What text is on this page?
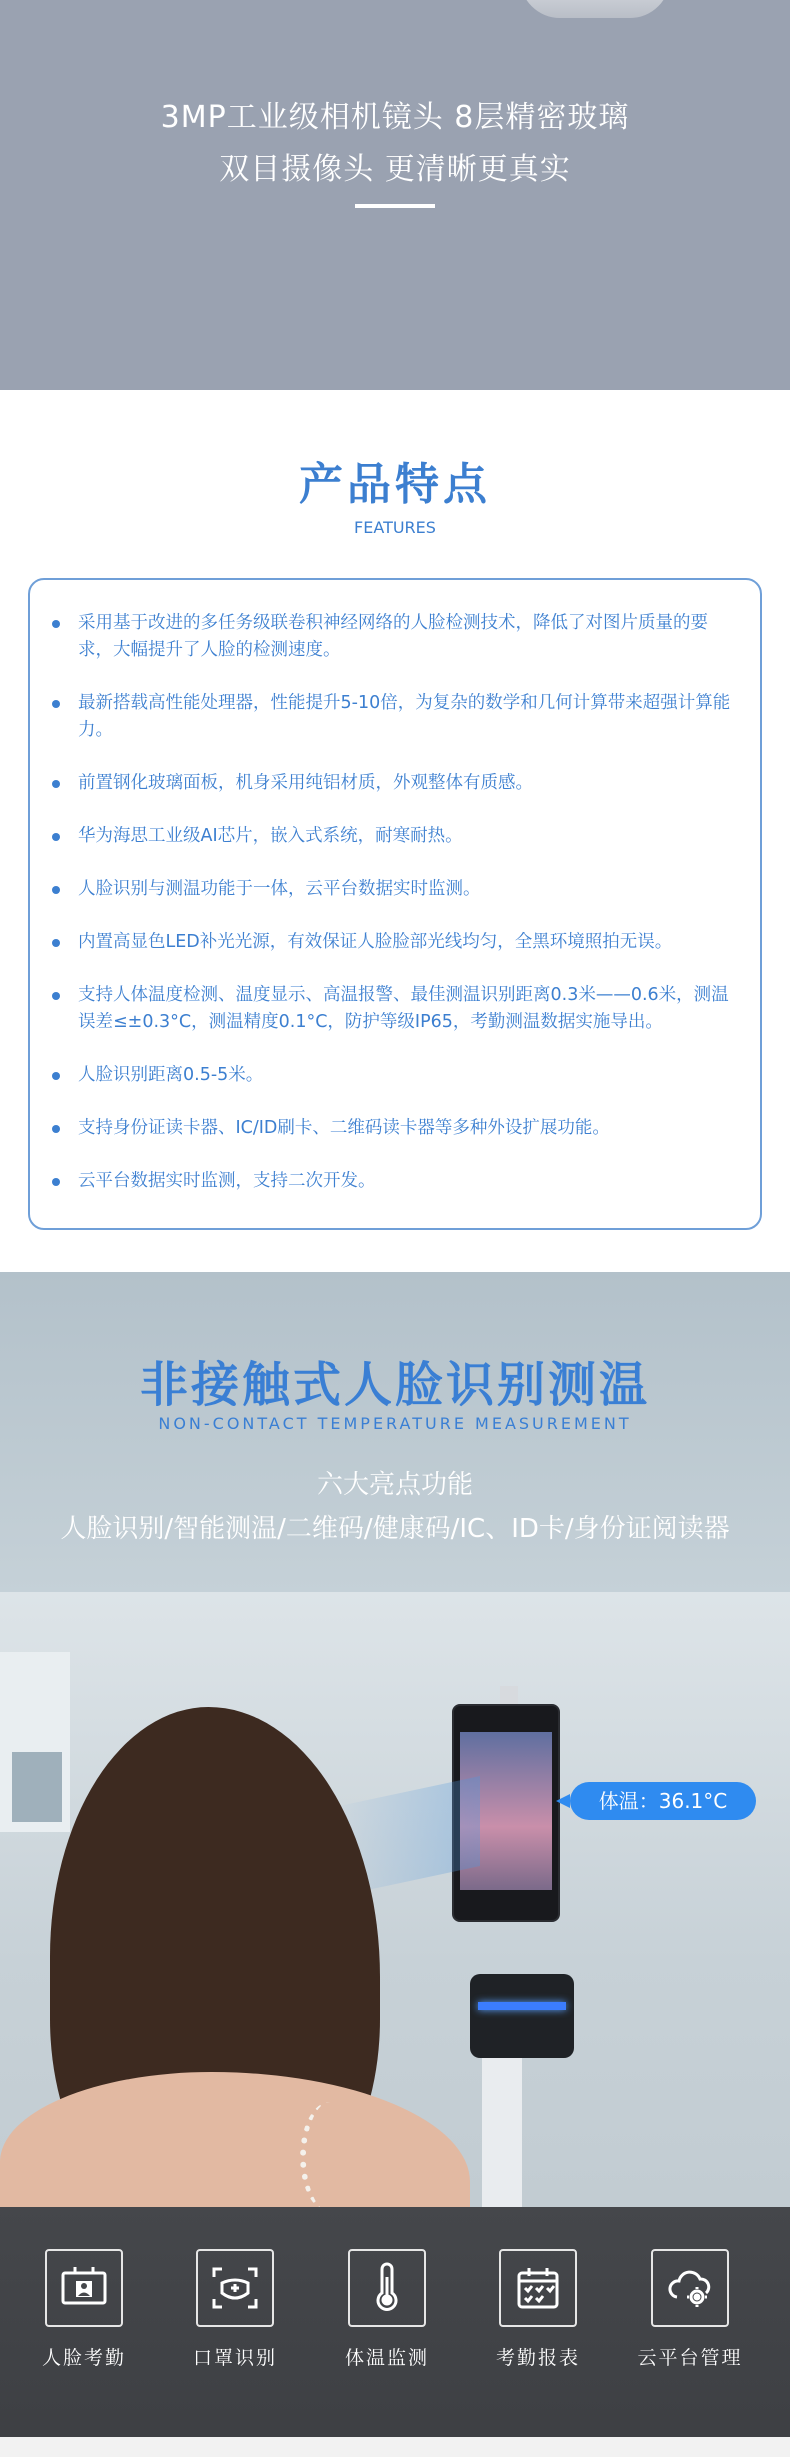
3MP工业级相机镜头 8层精密玻璃
双目摄像头 更清晰更真实
产品特点
FEATURES
采用基于改进的多任务级联卷积神经网络的人脸检测技术，降低了对图片质量的要求，大幅提升了人脸的检测速度。
最新搭载高性能处理器，性能提升5-10倍，为复杂的数学和几何计算带来超强计算能力。
前置钢化玻璃面板，机身采用纯铝材质，外观整体有质感。
华为海思工业级AI芯片，嵌入式系统，耐寒耐热。
人脸识别与测温功能于一体，云平台数据实时监测。
内置高显色LED补光光源，有效保证人脸脸部光线均匀，全黑环境照拍无误。
支持人体温度检测、温度显示、高温报警、最佳测温识别距离0.3米——0.6米，测温误差≤±0.3°C，测温精度0.1°C，防护等级IP65，考勤测温数据实施导出。
人脸识别距离0.5-5米。
支持身份证读卡器、IC/ID刷卡、二维码读卡器等多种外设扩展功能。
云平台数据实时监测，支持二次开发。
非接触式人脸识别测温
NON-CONTACT TEMPERATURE MEASUREMENT
六大亮点功能
人脸识别/智能测温/二维码/健康码/IC、ID卡/身份证阅读器
体温：36.1°C
人脸考勤	口罩识别	体温监测	考勤报表	云平台管理
